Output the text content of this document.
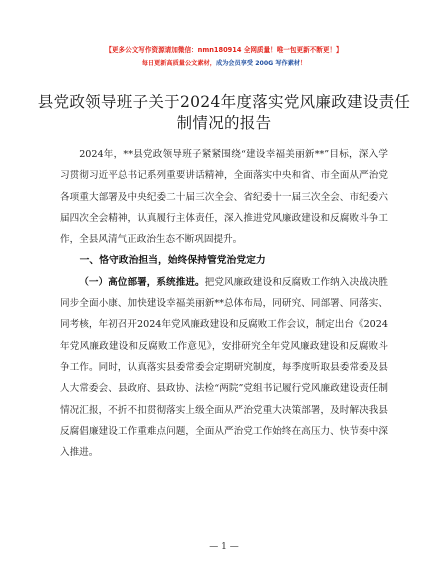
【更多公文写作资源请加微信：nmn180914 全网质量！唯一包更新不断更！】
每日更新高质量公文素材，成为会员享受 200G 写作素材！
县党政领导班子关于2024年度落实党风廉政建设责任制情况的报告

2024年，**县党政领导班子紧紧围绕“建设幸福美丽新**”目标，深入学习贯彻习近平总书记系列重要讲话精神，全面落实中央和省、市全面从严治党各项重大部署及中央纪委二十届三次全会、省纪委十一届三次全会、市纪委六届四次全会精神，认真履行主体责任，深入推进党风廉政建设和反腐败斗争工作，全县风清气正政治生态不断巩固提升。

一、恪守政治担当，始终保持管党治党定力

（一）高位部署，系统推进。把党风廉政建设和反腐败工作纳入决战决胜同步全面小康、加快建设幸福美丽新**总体布局，同研究、同部署、同落实、同考核，年初召开2024年党风廉政建设和反腐败工作会议，制定出台《2024年党风廉政建设和反腐败工作意见》，安排研究全年党风廉政建设和反腐败斗争工作。同时，认真落实县委常委会定期研究制度，每季度听取县委常委及县人大常委会、县政府、县政协、法检“两院”党组书记履行党风廉政建设责任制情况汇报，不折不扣贯彻落实上级全面从严治党重大决策部署，及时解决我县反腐倡廉建设工作重难点问题，全面从严治党工作始终在高压力、快节奏中深入推进。

— 1 —
